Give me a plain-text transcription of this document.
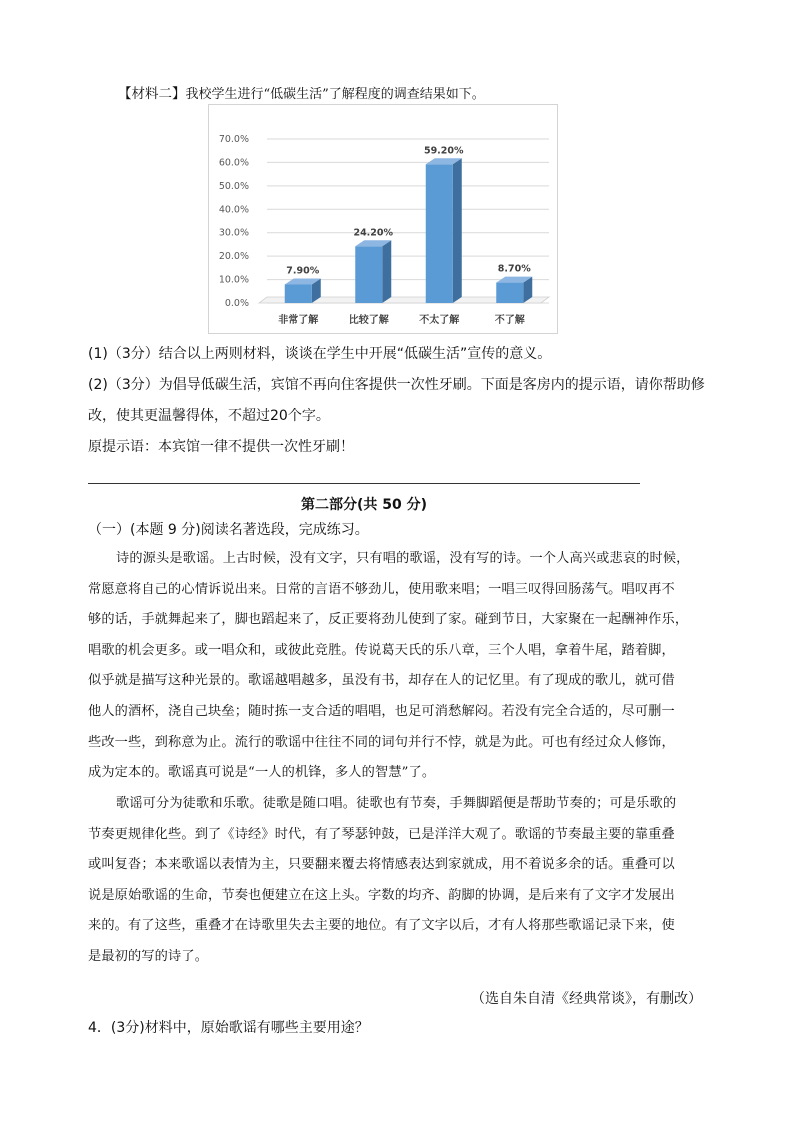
【材料二】我校学生进行“低碳生活”了解程度的调查结果如下。
0.0%
10.0%
20.0%
30.0%
40.0%
50.0%
60.0%
70.0%
7.90%
非常了解
24.20%
比较了解
59.20%
不太了解
8.70%
不了解
(1)（3分）结合以上两则材料，谈谈在学生中开展“低碳生活”宣传的意义。
(2)（3分）为倡导低碳生活，宾馆不再向住客提供一次性牙刷。下面是客房内的提示语，请你帮助修
改，使其更温馨得体，不超过20个字。
原提示语：本宾馆一律不提供一次性牙刷！
第二部分(共 50 分)
（一）(本题 9 分)阅读名著选段，完成练习。
诗的源头是歌谣。上古时候，没有文字，只有唱的歌谣，没有写的诗。一个人高兴或悲哀的时候，
常愿意将自己的心情诉说出来。日常的言语不够劲儿，使用歌来唱；一唱三叹得回肠荡气。唱叹再不
够的话，手就舞起来了，脚也蹈起来了，反正要将劲儿使到了家。碰到节日，大家聚在一起酬神作乐，
唱歌的机会更多。或一唱众和，或彼此竞胜。传说葛天氏的乐八章，三个人唱，拿着牛尾，踏着脚，
似乎就是描写这种光景的。歌谣越唱越多，虽没有书，却存在人的记忆里。有了现成的歌儿，就可借
他人的酒杯，浇自己块垒；随时拣一支合适的唱唱，也足可消愁解闷。若没有完全合适的，尽可删一
些改一些，到称意为止。流行的歌谣中往往不同的词句并行不悖，就是为此。可也有经过众人修饰，
成为定本的。歌谣真可说是“一人的机锋，多人的智慧”了。
歌谣可分为徒歌和乐歌。徒歌是随口唱。徒歌也有节奏，手舞脚蹈便是帮助节奏的；可是乐歌的
节奏更规律化些。到了《诗经》时代，有了琴瑟钟鼓，已是洋洋大观了。歌谣的节奏最主要的靠重叠
或叫复沓；本来歌谣以表情为主，只要翻来覆去将情感表达到家就成，用不着说多余的话。重叠可以
说是原始歌谣的生命，节奏也便建立在这上头。字数的均齐、韵脚的协调，是后来有了文字才发展出
来的。有了这些，重叠才在诗歌里失去主要的地位。有了文字以后，才有人将那些歌谣记录下来，使
是最初的写的诗了。
（选自朱自清《经典常谈》，有删改）
4．(3分)材料中，原始歌谣有哪些主要用途？
